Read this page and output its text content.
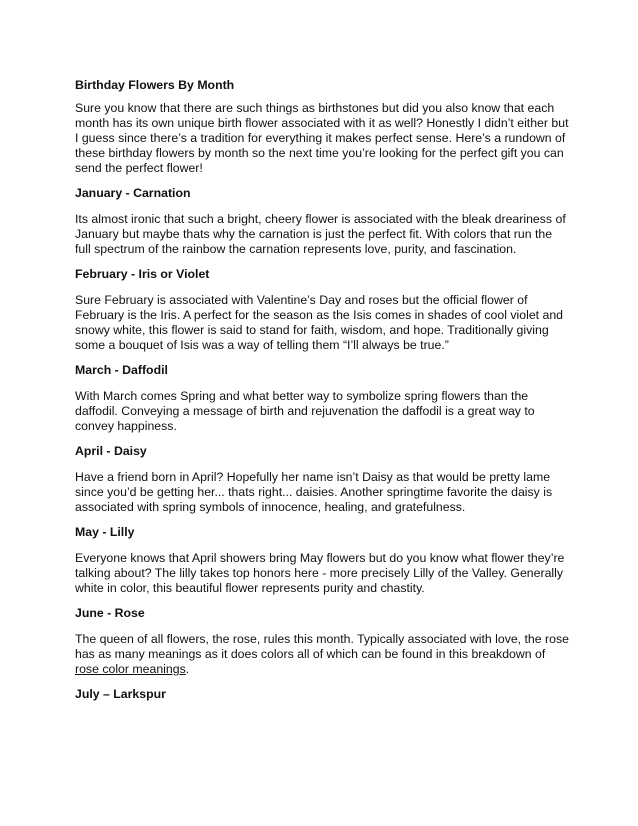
Birthday Flowers By Month

Sure you know that there are such things as birthstones but did you also know that each month has its own unique birth flower associated with it as well? Honestly I didn’t either but I guess since there’s a tradition for everything it makes perfect sense. Here’s a rundown of these birthday flowers by month so the next time you’re looking for the perfect gift you can send the perfect flower!

January - Carnation

Its almost ironic that such a bright, cheery flower is associated with the bleak dreariness of January but maybe thats why the carnation is just the perfect fit. With colors that run the full spectrum of the rainbow the carnation represents love, purity, and fascination.

February - Iris or Violet

Sure February is associated with Valentine’s Day and roses but the official flower of February is the Iris. A perfect for the season as the Isis comes in shades of cool violet and snowy white, this flower is said to stand for faith, wisdom, and hope. Traditionally giving some a bouquet of Isis was a way of telling them “I’ll always be true.”

March - Daffodil

With March comes Spring and what better way to symbolize spring flowers than the daffodil. Conveying a message of birth and rejuvenation the daffodil is a great way to convey happiness.

April - Daisy

Have a friend born in April? Hopefully her name isn’t Daisy as that would be pretty lame since you’d be getting her... thats right... daisies. Another springtime favorite the daisy is associated with spring symbols of innocence, healing, and gratefulness.

May - Lilly

Everyone knows that April showers bring May flowers but do you know what flower they’re talking about? The lilly takes top honors here - more precisely Lilly of the Valley. Generally white in color, this beautiful flower represents purity and chastity.

June - Rose

The queen of all flowers, the rose, rules this month. Typically associated with love, the rose has as many meanings as it does colors all of which can be found in this breakdown of rose color meanings.

July – Larkspur
